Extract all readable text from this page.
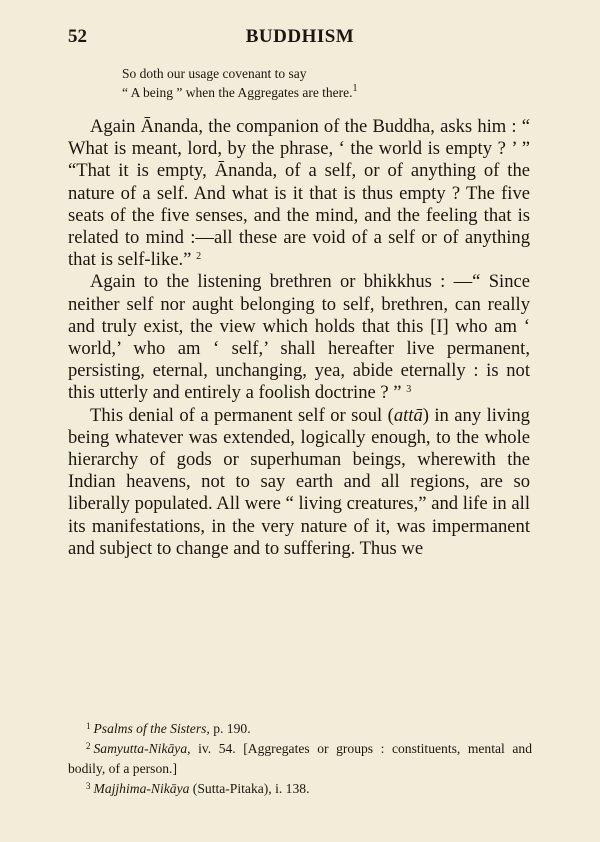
52	BUDDHISM
So doth our usage covenant to say
“ A being ” when the Aggregates are there.$^1$

Again Ānanda, the companion of the Buddha, asks him : “ What is meant, lord, by the phrase, ‘ the world is empty ? ’ ” “That it is empty, Ānanda, of a self, or of anything of the nature of a self. And what is it that is thus empty ? The five seats of the five senses, and the mind, and the feeling that is related to mind :—all these are void of a self or of anything that is self-like.” $^2$

Again to the listening brethren or bhikkhus : —“ Since neither self nor aught belonging to self, brethren, can really and truly exist, the view which holds that this [I] who am ‘ world,’ who am ‘ self,’ shall hereafter live permanent, persisting, eternal, unchanging, yea, abide eternally : is not this utterly and entirely a foolish doctrine ? ” $^3$

This denial of a permanent self or soul (attā) in any living being whatever was extended, logically enough, to the whole hierarchy of gods or superhuman beings, wherewith the Indian heavens, not to say earth and all regions, are so liberally populated. All were “ living creatures,” and life in all its manifestations, in the very nature of it, was impermanent and subject to change and to suffering. Thus we

$^1$ Psalms of the Sisters, p. 190.
$^2$ Samyutta-Nikāya, iv. 54. [Aggregates or groups : constituents, mental and bodily, of a person.]
$^3$ Majjhima-Nikāya (Sutta-Pitaka), i. 138.
